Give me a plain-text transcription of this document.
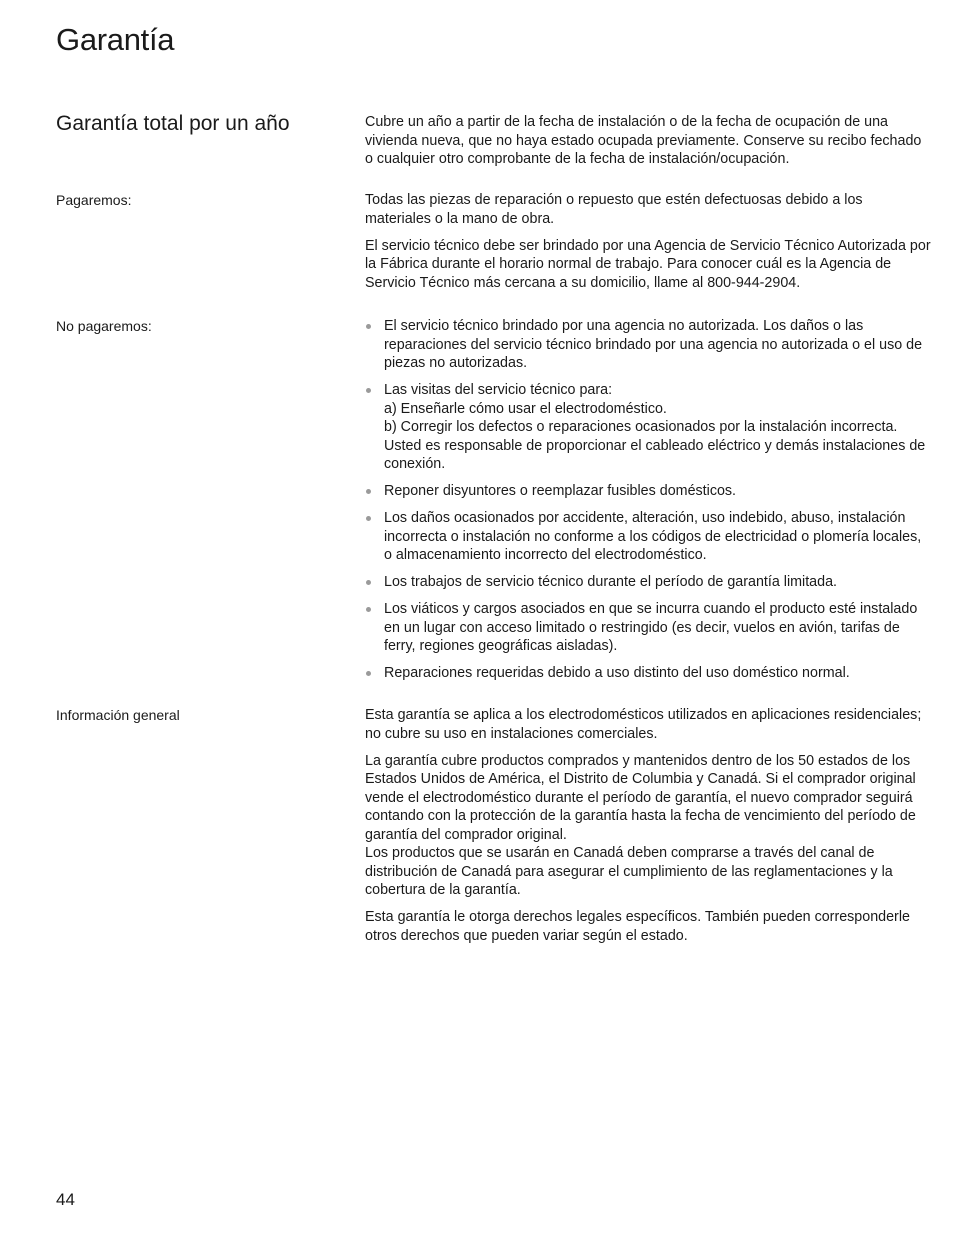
Garantía
Garantía total por un año	Cubre un año a partir de la fecha de instalación o de la fecha de ocupación de una vivienda nueva, que no haya estado ocupada previamente. Conserve su recibo fechado o cualquier otro comprobante de la fecha de instalación/ocupación.

Pagaremos:	Todas las piezas de reparación o repuesto que estén defectuosas debido a los materiales o la mano de obra.

El servicio técnico debe ser brindado por una Agencia de Servicio Técnico Autorizada por la Fábrica durante el horario normal de trabajo. Para conocer cuál es la Agencia de Servicio Técnico más cercana a su domicilio, llame al 800-944-2904.

No pagaremos:	El servicio técnico brindado por una agencia no autorizada. Los daños o las reparaciones del servicio técnico brindado por una agencia no autorizada o el uso de piezas no autorizadas.
Las visitas del servicio técnico para:
a) Enseñarle cómo usar el electrodoméstico.
b) Corregir los defectos o reparaciones ocasionados por la instalación incorrecta. Usted es responsable de proporcionar el cableado eléctrico y demás instalaciones de conexión.
Reponer disyuntores o reemplazar fusibles domésticos.
Los daños ocasionados por accidente, alteración, uso indebido, abuso, instalación incorrecta o instalación no conforme a los códigos de electricidad o plomería locales, o almacenamiento incorrecto del electrodoméstico.
Los trabajos de servicio técnico durante el período de garantía limitada.
Los viáticos y cargos asociados en que se incurra cuando el producto esté instalado en un lugar con acceso limitado o restringido (es decir, vuelos en avión, tarifas de ferry, regiones geográficas aisladas).
Reparaciones requeridas debido a uso distinto del uso doméstico normal.
Información general	Esta garantía se aplica a los electrodomésticos utilizados en aplicaciones residenciales; no cubre su uso en instalaciones comerciales.

La garantía cubre productos comprados y mantenidos dentro de los 50 estados de los Estados Unidos de América, el Distrito de Columbia y Canadá. Si el comprador original vende el electrodoméstico durante el período de garantía, el nuevo comprador seguirá contando con la protección de la garantía hasta la fecha de vencimiento del período de garantía del comprador original.
Los productos que se usarán en Canadá deben comprarse a través del canal de distribución de Canadá para asegurar el cumplimiento de las reglamentaciones y la cobertura de la garantía.

Esta garantía le otorga derechos legales específicos. También pueden corresponderle otros derechos que pueden variar según el estado.

44
